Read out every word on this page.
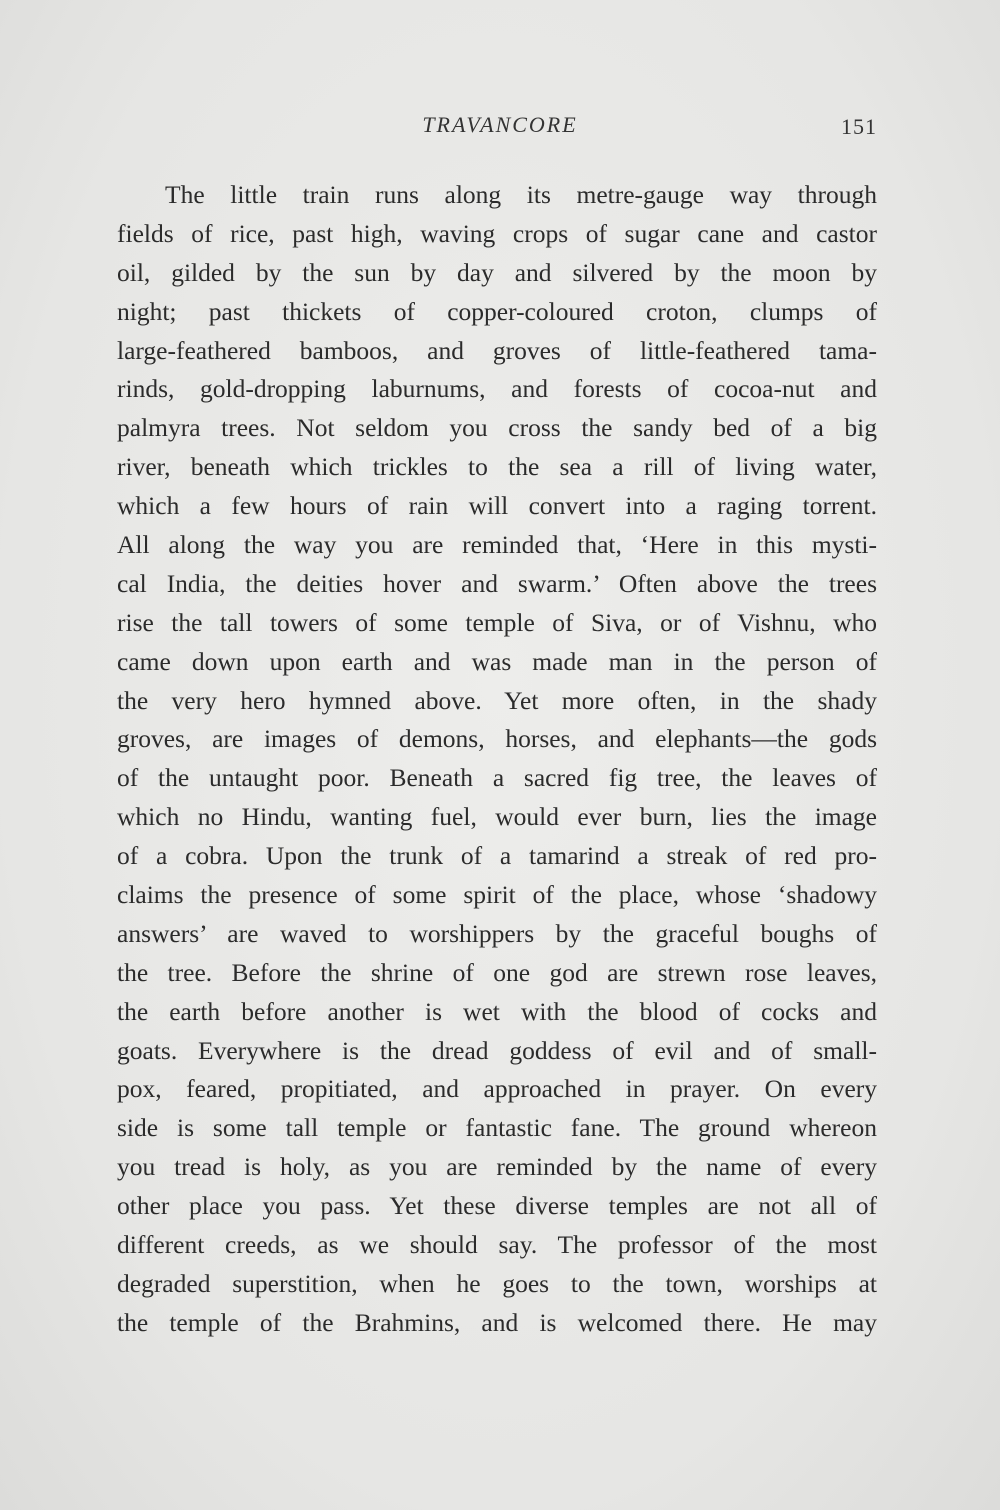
TRAVANCORE	151
The little train runs along its metre-gauge way through
fields of rice, past high, waving crops of sugar cane and castor
oil, gilded by the sun by day and silvered by the moon by
night; past thickets of copper-coloured croton, clumps of
large-feathered bamboos, and groves of little-feathered tama-
rinds, gold-dropping laburnums, and forests of cocoa-nut and
palmyra trees. Not seldom you cross the sandy bed of a big
river, beneath which trickles to the sea a rill of living water,
which a few hours of rain will convert into a raging torrent.
All along the way you are reminded that, ‘Here in this mysti-
cal India, the deities hover and swarm.’ Often above the trees
rise the tall towers of some temple of Siva, or of Vishnu, who
came down upon earth and was made man in the person of
the very hero hymned above. Yet more often, in the shady
groves, are images of demons, horses, and elephants—the gods
of the untaught poor. Beneath a sacred fig tree, the leaves of
which no Hindu, wanting fuel, would ever burn, lies the image
of a cobra. Upon the trunk of a tamarind a streak of red pro-
claims the presence of some spirit of the place, whose ‘shadowy
answers’ are waved to worshippers by the graceful boughs of
the tree. Before the shrine of one god are strewn rose leaves,
the earth before another is wet with the blood of cocks and
goats. Everywhere is the dread goddess of evil and of small-
pox, feared, propitiated, and approached in prayer. On every
side is some tall temple or fantastic fane. The ground whereon
you tread is holy, as you are reminded by the name of every
other place you pass. Yet these diverse temples are not all of
different creeds, as we should say. The professor of the most
degraded superstition, when he goes to the town, worships at
the temple of the Brahmins, and is welcomed there. He may
